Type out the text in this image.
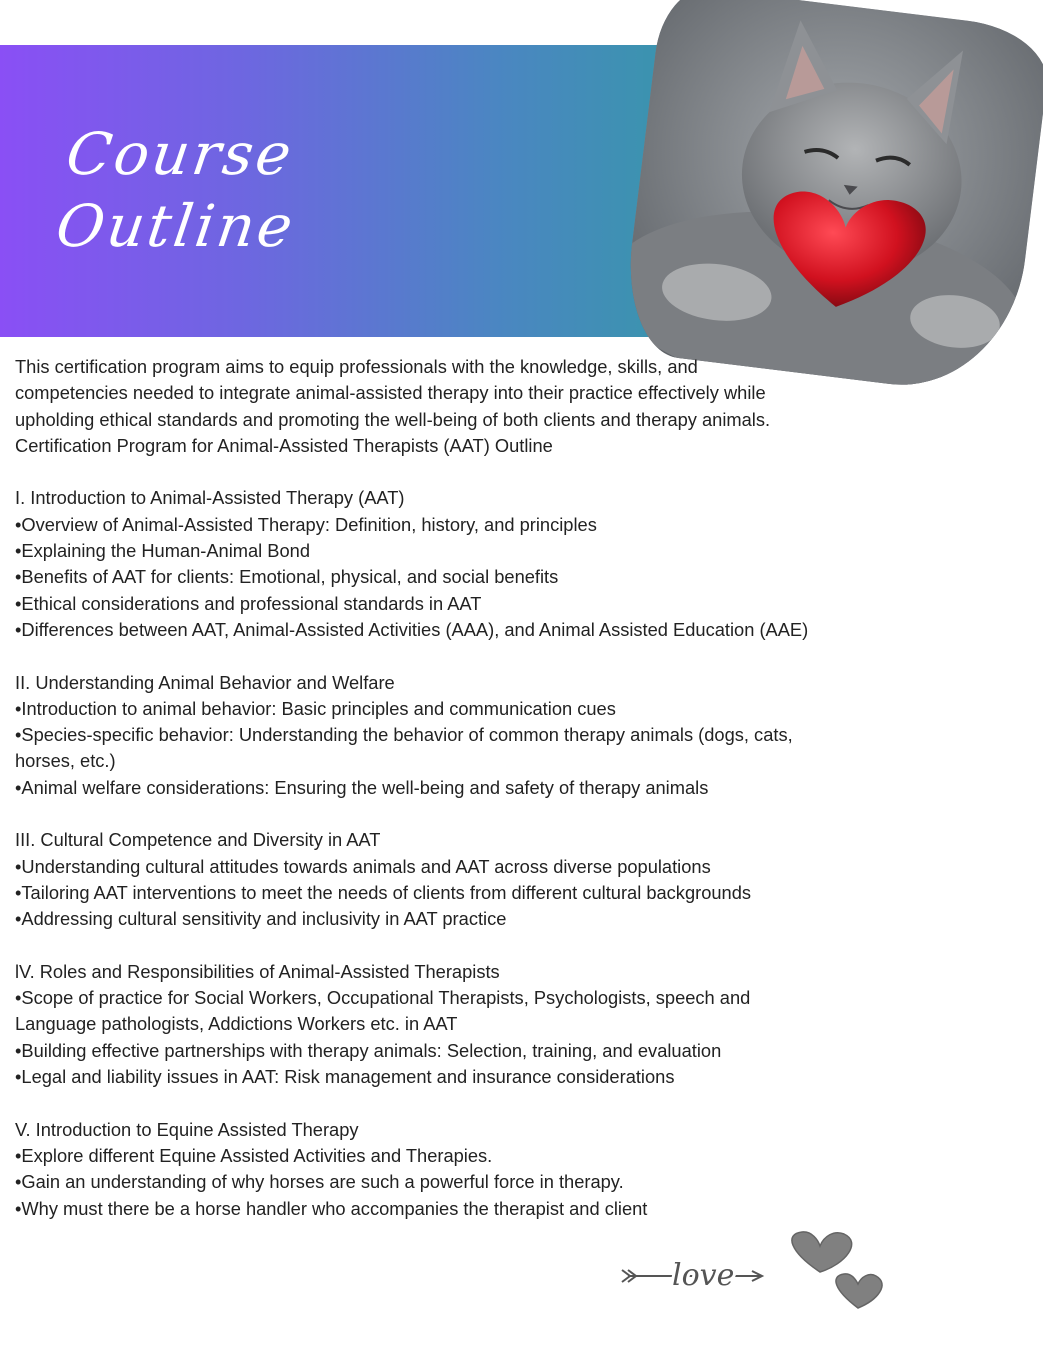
Course
Outline

This certification program aims to equip professionals with the knowledge, skills, and

competencies needed to integrate animal-assisted therapy into their practice effectively while

upholding ethical standards and promoting the well-being of both clients and therapy animals.

Certification Program for Animal-Assisted Therapists (AAT) Outline

I. Introduction to Animal-Assisted Therapy (AAT)

•Overview of Animal-Assisted Therapy: Definition, history, and principles

•Explaining the Human-Animal Bond

•Benefits of AAT for clients: Emotional, physical, and social benefits

•Ethical considerations and professional standards in AAT

•Differences between AAT, Animal-Assisted Activities (AAA), and Animal Assisted Education (AAE)

II. Understanding Animal Behavior and Welfare

•Introduction to animal behavior: Basic principles and communication cues

•Species-specific behavior: Understanding the behavior of common therapy animals (dogs, cats,

horses, etc.)

•Animal welfare considerations: Ensuring the well-being and safety of therapy animals

III. Cultural Competence and Diversity in AAT

•Understanding cultural attitudes towards animals and AAT across diverse populations

•Tailoring AAT interventions to meet the needs of clients from different cultural backgrounds

•Addressing cultural sensitivity and inclusivity in AAT practice

lV. Roles and Responsibilities of Animal-Assisted Therapists

•Scope of practice for Social Workers, Occupational Therapists, Psychologists, speech and

Language pathologists, Addictions Workers etc. in AAT

•Building effective partnerships with therapy animals: Selection, training, and evaluation

•Legal and liability issues in AAT: Risk management and insurance considerations

V. Introduction to Equine Assisted Therapy

•Explore different Equine Assisted Activities and Therapies.

•Gain an understanding of why horses are such a powerful force in therapy.

•Why must there be a horse handler who accompanies the therapist and client

love
